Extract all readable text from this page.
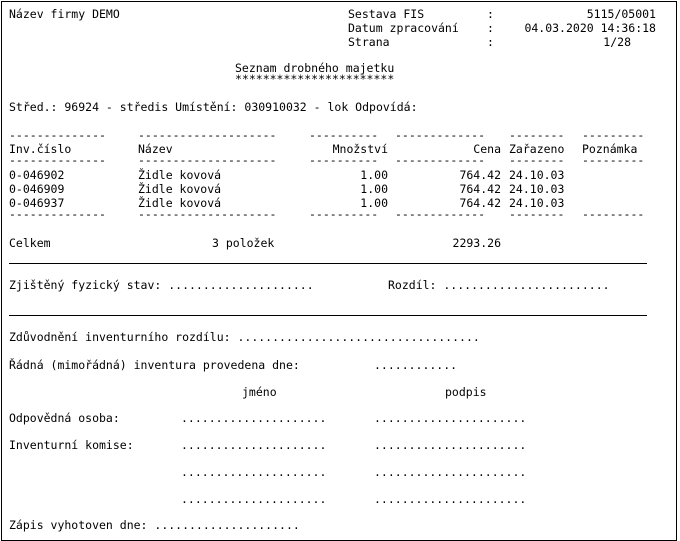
Název firmy DEMO	Sestava FIS	:	5115/05001
Datum zpracování :	04.03.2020 14:36:18
Strana	:	1/28
Seznam drobného majetku
***********************
Střed.: 96924 - středis Umístění: 030910032 - lok Odpovídá:
--------------	--------------------	---------- ------------- -------- ---------
Inv.číslo	Název	Množství	Cena Zařazeno Poznámka
--------------	--------------------	---------- ------------- -------- ---------
0-046902	Židle kovová	1.00	764.42 24.10.03
0-046909	Židle kovová	1.00	764.42 24.10.03
0-046937	Židle kovová	1.00	764.42 24.10.03
--------------	--------------------	---------- ------------- -------- ---------
Celkem	3 položek	2293.26
Zjištěný fyzický stav: .....................	Rozdíl: ........................
Zdůvodnění inventurního rozdílu: ...................................
Řádná (mimořádná) inventura provedena dne:	............
jméno	podpis
Odpovědná osoba:	.....................	......................
Inventurní komise:	.....................	......................
.....................	......................
.....................	......................
Zápis vyhotoven dne: .....................
